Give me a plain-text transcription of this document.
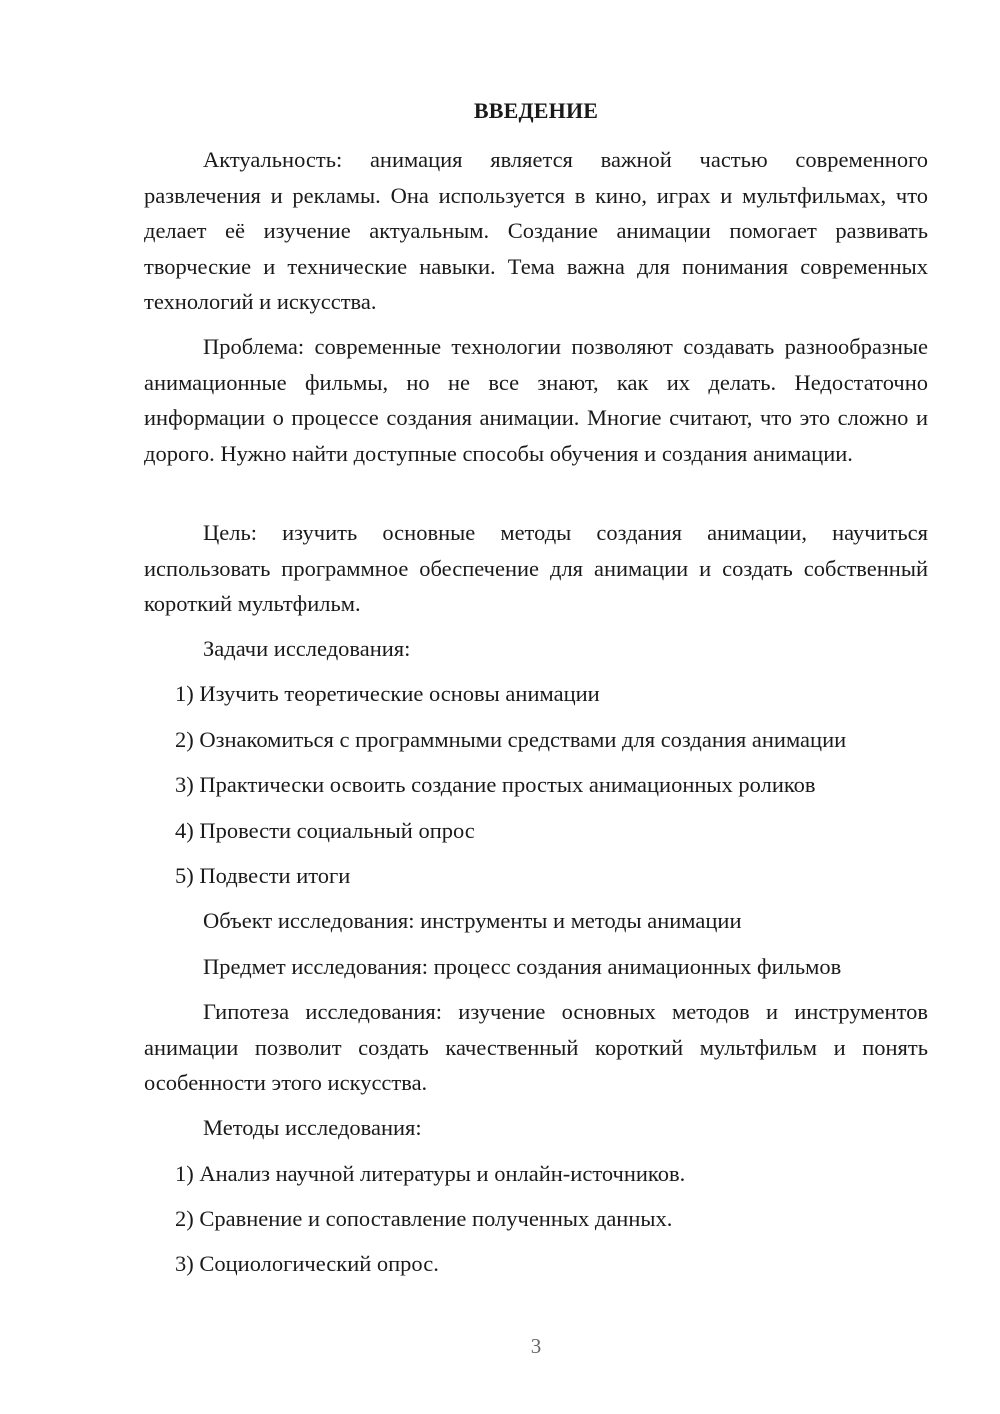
ВВЕДЕНИЕ

Актуальность: анимация является важной частью современного развлечения и рекламы. Она используется в кино, играх и мультфильмах, что делает её изучение актуальным. Создание анимации помогает развивать творческие и технические навыки. Тема важна для понимания современных технологий и искусства.

Проблема: современные технологии позволяют создавать разнообразные анимационные фильмы, но не все знают, как их делать. Недостаточно информации о процессе создания анимации. Многие считают, что это сложно и дорого. Нужно найти доступные способы обучения и создания анимации.

Цель: изучить основные методы создания анимации, научиться использовать программное обеспечение для анимации и создать собственный короткий мультфильм.

Задачи исследования:
1) Изучить теоретические основы анимации
2) Ознакомиться с программными средствами для создания анимации
3) Практически освоить создание простых анимационных роликов
4) Провести социальный опрос
5) Подвести итоги
Объект исследования: инструменты и методы анимации
Предмет исследования: процесс создания анимационных фильмов

Гипотеза исследования: изучение основных методов и инструментов анимации позволит создать качественный короткий мультфильм и понять особенности этого искусства.

Методы исследования:
1) Анализ научной литературы и онлайн-источников.
2) Сравнение и сопоставление полученных данных.
3) Социологический опрос.
3
